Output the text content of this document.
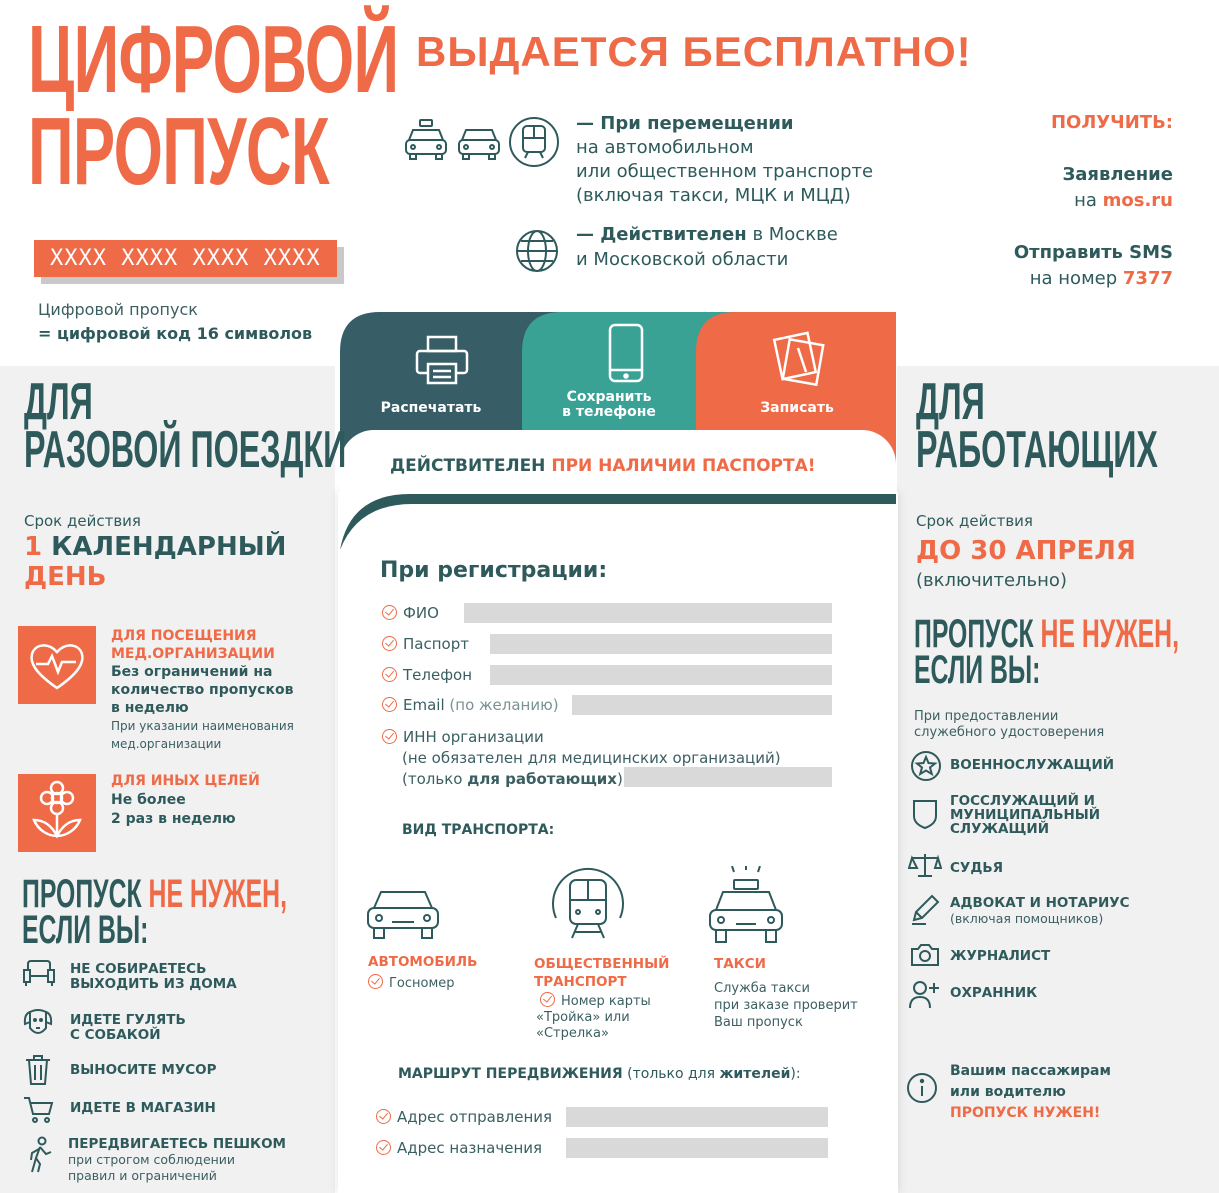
ЦИФРОВОЙ
ПРОПУСК
XXXX XXXX XXXX XXXX
Цифровой пропуск
= цифровой код 16 символов
ВЫДАЕТСЯ БЕСПЛАТНО!
— При перемещении
на автомобильном
или общественном транспорте
(включая такси, МЦК и МЦД)
— Действителен в Москве
и Московской области
ПОЛУЧИТЬ:
Заявление
на mos.ru
Отправить SMS
на номер 7377
Распечатать
Сохранить
в телефоне	Записать
ДЕЙСТВИТЕЛЕН ПРИ НАЛИЧИИ ПАСПОРТА!
При регистрации:
ФИО
Паспорт
Телефон
Email (по желанию)
ИНН организации
(не обязателен для медицинских организаций)
(только для работающих)
ВИД ТРАНСПОРТА:
АВТОМОБИЛЬ
Госномер
ОБЩЕСТВЕННЫЙ
ТРАНСПОРТ
Номер карты
«Тройка» или
«Стрелка»
ТАКСИ
Служба такси
при заказе проверит
Ваш пропуск
МАРШРУТ ПЕРЕДВИЖЕНИЯ (только для жителей):
Адрес отправления
Адрес назначения
ДЛЯ
РАЗОВОЙ ПОЕЗДКИ
Срок действия
1 КАЛЕНДАРНЫЙ
ДЕНЬ
ДЛЯ ПОСЕЩЕНИЯ
МЕД.ОРГАНИЗАЦИИ
Без ограничений на
количество пропусков
в неделю
При указании наименования
мед.организации
ДЛЯ ИНЫХ ЦЕЛЕЙ
Не более
2 раз в неделю
ПРОПУСК НЕ НУЖЕН,
ЕСЛИ ВЫ:
НЕ СОБИРАЕТЕСЬ
ВЫХОДИТЬ ИЗ ДОМА
ИДЕТЕ ГУЛЯТЬ
С СОБАКОЙ
ВЫНОСИТЕ МУСОР
ИДЕТЕ В МАГАЗИН
ПЕРЕДВИГАЕТЕСЬ ПЕШКОМ
при строгом соблюдении
правил и ограничений
ДЛЯ
РАБОТАЮЩИХ
Срок действия
ДО 30 АПРЕЛЯ
(включительно)
ПРОПУСК НЕ НУЖЕН,
ЕСЛИ ВЫ:
При предоставлении
служебного удостоверения
ВОЕННОСЛУЖАЩИЙ
ГОССЛУЖАЩИЙ И
МУНИЦИПАЛЬНЫЙ
СЛУЖАЩИЙ
СУДЬЯ
АДВОКАТ И НОТАРИУС
(включая помощников)
ЖУРНАЛИСТ
ОХРАННИК
Вашим пассажирам
или водителю
ПРОПУСК НУЖЕН!
